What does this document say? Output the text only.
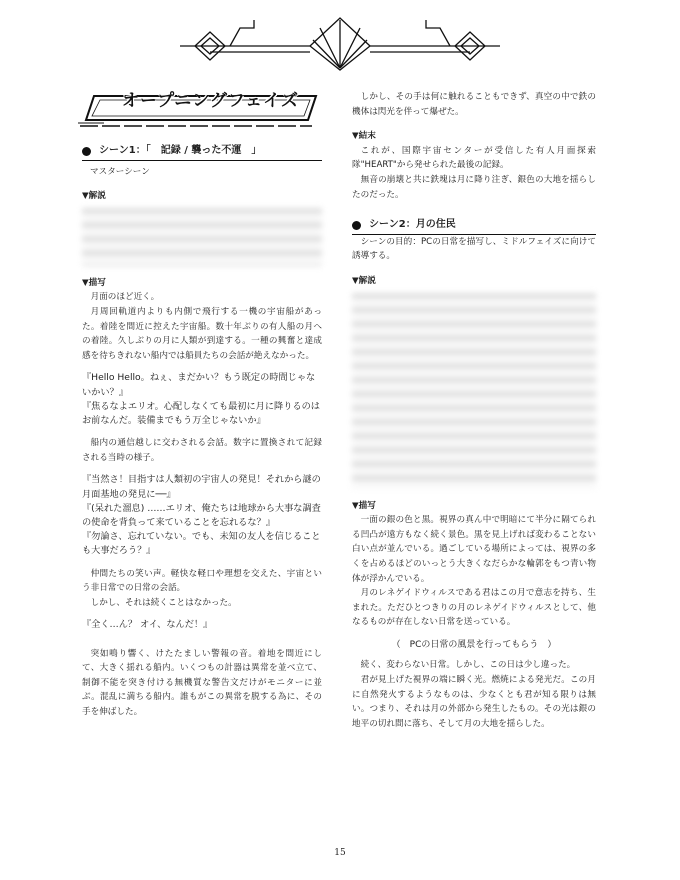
オープニングフェイズ
シーン1：「　記録 / 襲った不運　」
マスターシーン
▼解説
▼描写

月面のほど近く。

月周回軌道内よりも内側で飛行する一機の宇宙船があった。着陸を間近に控えた宇宙船。数十年ぶりの有人船の月への着陸。久しぶりの月に人類が到達する。一種の興奮と達成感を待ちきれない船内では船員たちの会話が絶えなかった。

『Hello Hello。ねぇ、まだかい？もう既定の時間じゃないかい？』

『焦るなよエリオ。心配しなくても最初に月に降りるのはお前なんだ。装備までもう万全じゃないか』

船内の通信越しに交わされる会話。数字に置換されて記録される当時の様子。

『当然さ！目指すは人類初の宇宙人の発見！それから謎の月面基地の発見に──』

『(呆れた溜息) ……エリオ、俺たちは地球から大事な調査の使命を背負って来ていることを忘れるな？』

『勿論さ、忘れていない。でも、未知の友人を信じることも大事だろう？』

仲間たちの笑い声。軽快な軽口や理想を交えた、宇宙という非日常での日常の会話。

しかし、それは続くことはなかった。

『全く…ん？ オイ、なんだ！』

突如鳴り響く、けたたましい警報の音。着地を間近にして、大きく揺れる船内。いくつもの計器は異常を並べ立て、制御不能を突き付ける無機質な警告文だけがモニターに並ぶ。混乱に満ちる船内。誰もがこの異常を脱する為に、その手を伸ばした。

しかし、その手は何に触れることもできず、真空の中で鉄の機体は閃光を伴って爆ぜた。

▼結末

これが、国際宇宙センターが受信した有人月面探索隊"HEART"から発せられた最後の記録。

無音の崩壊と共に鉄塊は月に降り注ぎ、銀色の大地を揺らしたのだった。

シーン2：月の住民

シーンの目的：PCの日常を描写し、ミドルフェイズに向けて誘導する。

▼解説
▼描写

一面の銀の色と黒。視界の真ん中で明暗にて半分に隔てられる凹凸が遠方もなく続く景色。黒を見上げれば変わることない白い点が並んでいる。過ごしている場所によっては、視界の多くを占めるほどのいっとう大きくなだらかな輪郭をもつ青い物体が浮かんでいる。

月のレネゲイドウィルスである君はこの月で意志を持ち、生まれた。ただひとつきりの月のレネゲイドウィルスとして、他なるものが存在しない日常を送っている。

（　PCの日常の風景を行ってもらう　）

続く、変わらない日常。しかし、この日は少し違った。

君が見上げた視界の端に瞬く光。燃焼による発光だ。この月に自然発火するようなものは、少なくとも君が知る限りは無い。つまり、それは月の外部から発生したもの。その光は銀の地平の切れ間に落ち、そして月の大地を揺らした。

15
